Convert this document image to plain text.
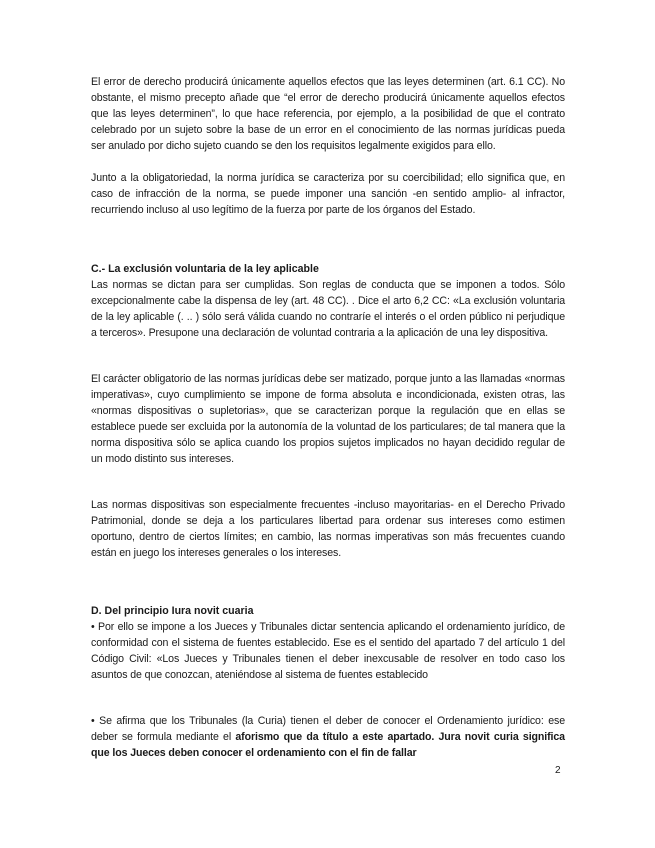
El error de derecho producirá únicamente aquellos efectos que las leyes determinen (art. 6.1 CC). No obstante, el mismo precepto añade que “el error de derecho producirá únicamente aquellos efectos que las leyes determinen”, lo que hace referencia, por ejemplo, a la posibilidad de que el contrato celebrado por un sujeto sobre la base de un error en el conocimiento de las normas jurídicas pueda ser anulado por dicho sujeto cuando se den los requisitos legalmente exigidos para ello.

Junto a la obligatoriedad, la norma jurídica se caracteriza por su coercibilidad; ello significa que, en caso de infracción de la norma, se puede imponer una sanción -en sentido amplio- al infractor, recurriendo incluso al uso legítimo de la fuerza por parte de los órganos del Estado.

C.- La exclusión voluntaria de la ley aplicable

Las normas se dictan para ser cumplidas. Son reglas de conducta que se imponen a todos. Sólo excepcionalmente cabe la dispensa de ley (art. 48 CC). . Dice el arto 6,2 CC: «La exclusión voluntaria de la ley aplicable (. .. ) sólo será válida cuando no contraríe el interés o el orden público ni perjudique a terceros». Presupone una declaración de voluntad contraria a la aplicación de una ley dispositiva.

El carácter obligatorio de las normas jurídicas debe ser matizado, porque junto a las llamadas «normas imperativas», cuyo cumplimiento se impone de forma absoluta e incondicionada, existen otras, las «normas dispositivas o supletorias», que se caracterizan porque la regulación que en ellas se establece puede ser excluida por la autonomía de la voluntad de los particulares; de tal manera que la norma dispositiva sólo se aplica cuando los propios sujetos implicados no hayan decidido regular de un modo distinto sus intereses.

Las normas dispositivas son especialmente frecuentes -incluso mayoritarias- en el Derecho Privado Patrimonial, donde se deja a los particulares libertad para ordenar sus intereses como estimen oportuno, dentro de ciertos límites; en cambio, las normas imperativas son más frecuentes cuando están en juego los intereses generales o los intereses.

D. Del principio Iura novit cuaria

• Por ello se impone a los Jueces y Tribunales dictar sentencia aplicando el ordenamiento jurídico, de conformidad con el sistema de fuentes establecido. Ese es el sentido del apartado 7 del artículo 1 del Código Civil: «Los Jueces y Tribunales tienen el deber inexcusable de resolver en todo caso los asuntos de que conozcan, ateniéndose al sistema de fuentes establecido

• Se afirma que los Tribunales (la Curia) tienen el deber de conocer el Ordenamiento jurídico: ese deber se formula mediante el aforismo que da título a este apartado. Jura novit curia significa que los Jueces deben conocer el ordenamiento con el fin de fallar

2
